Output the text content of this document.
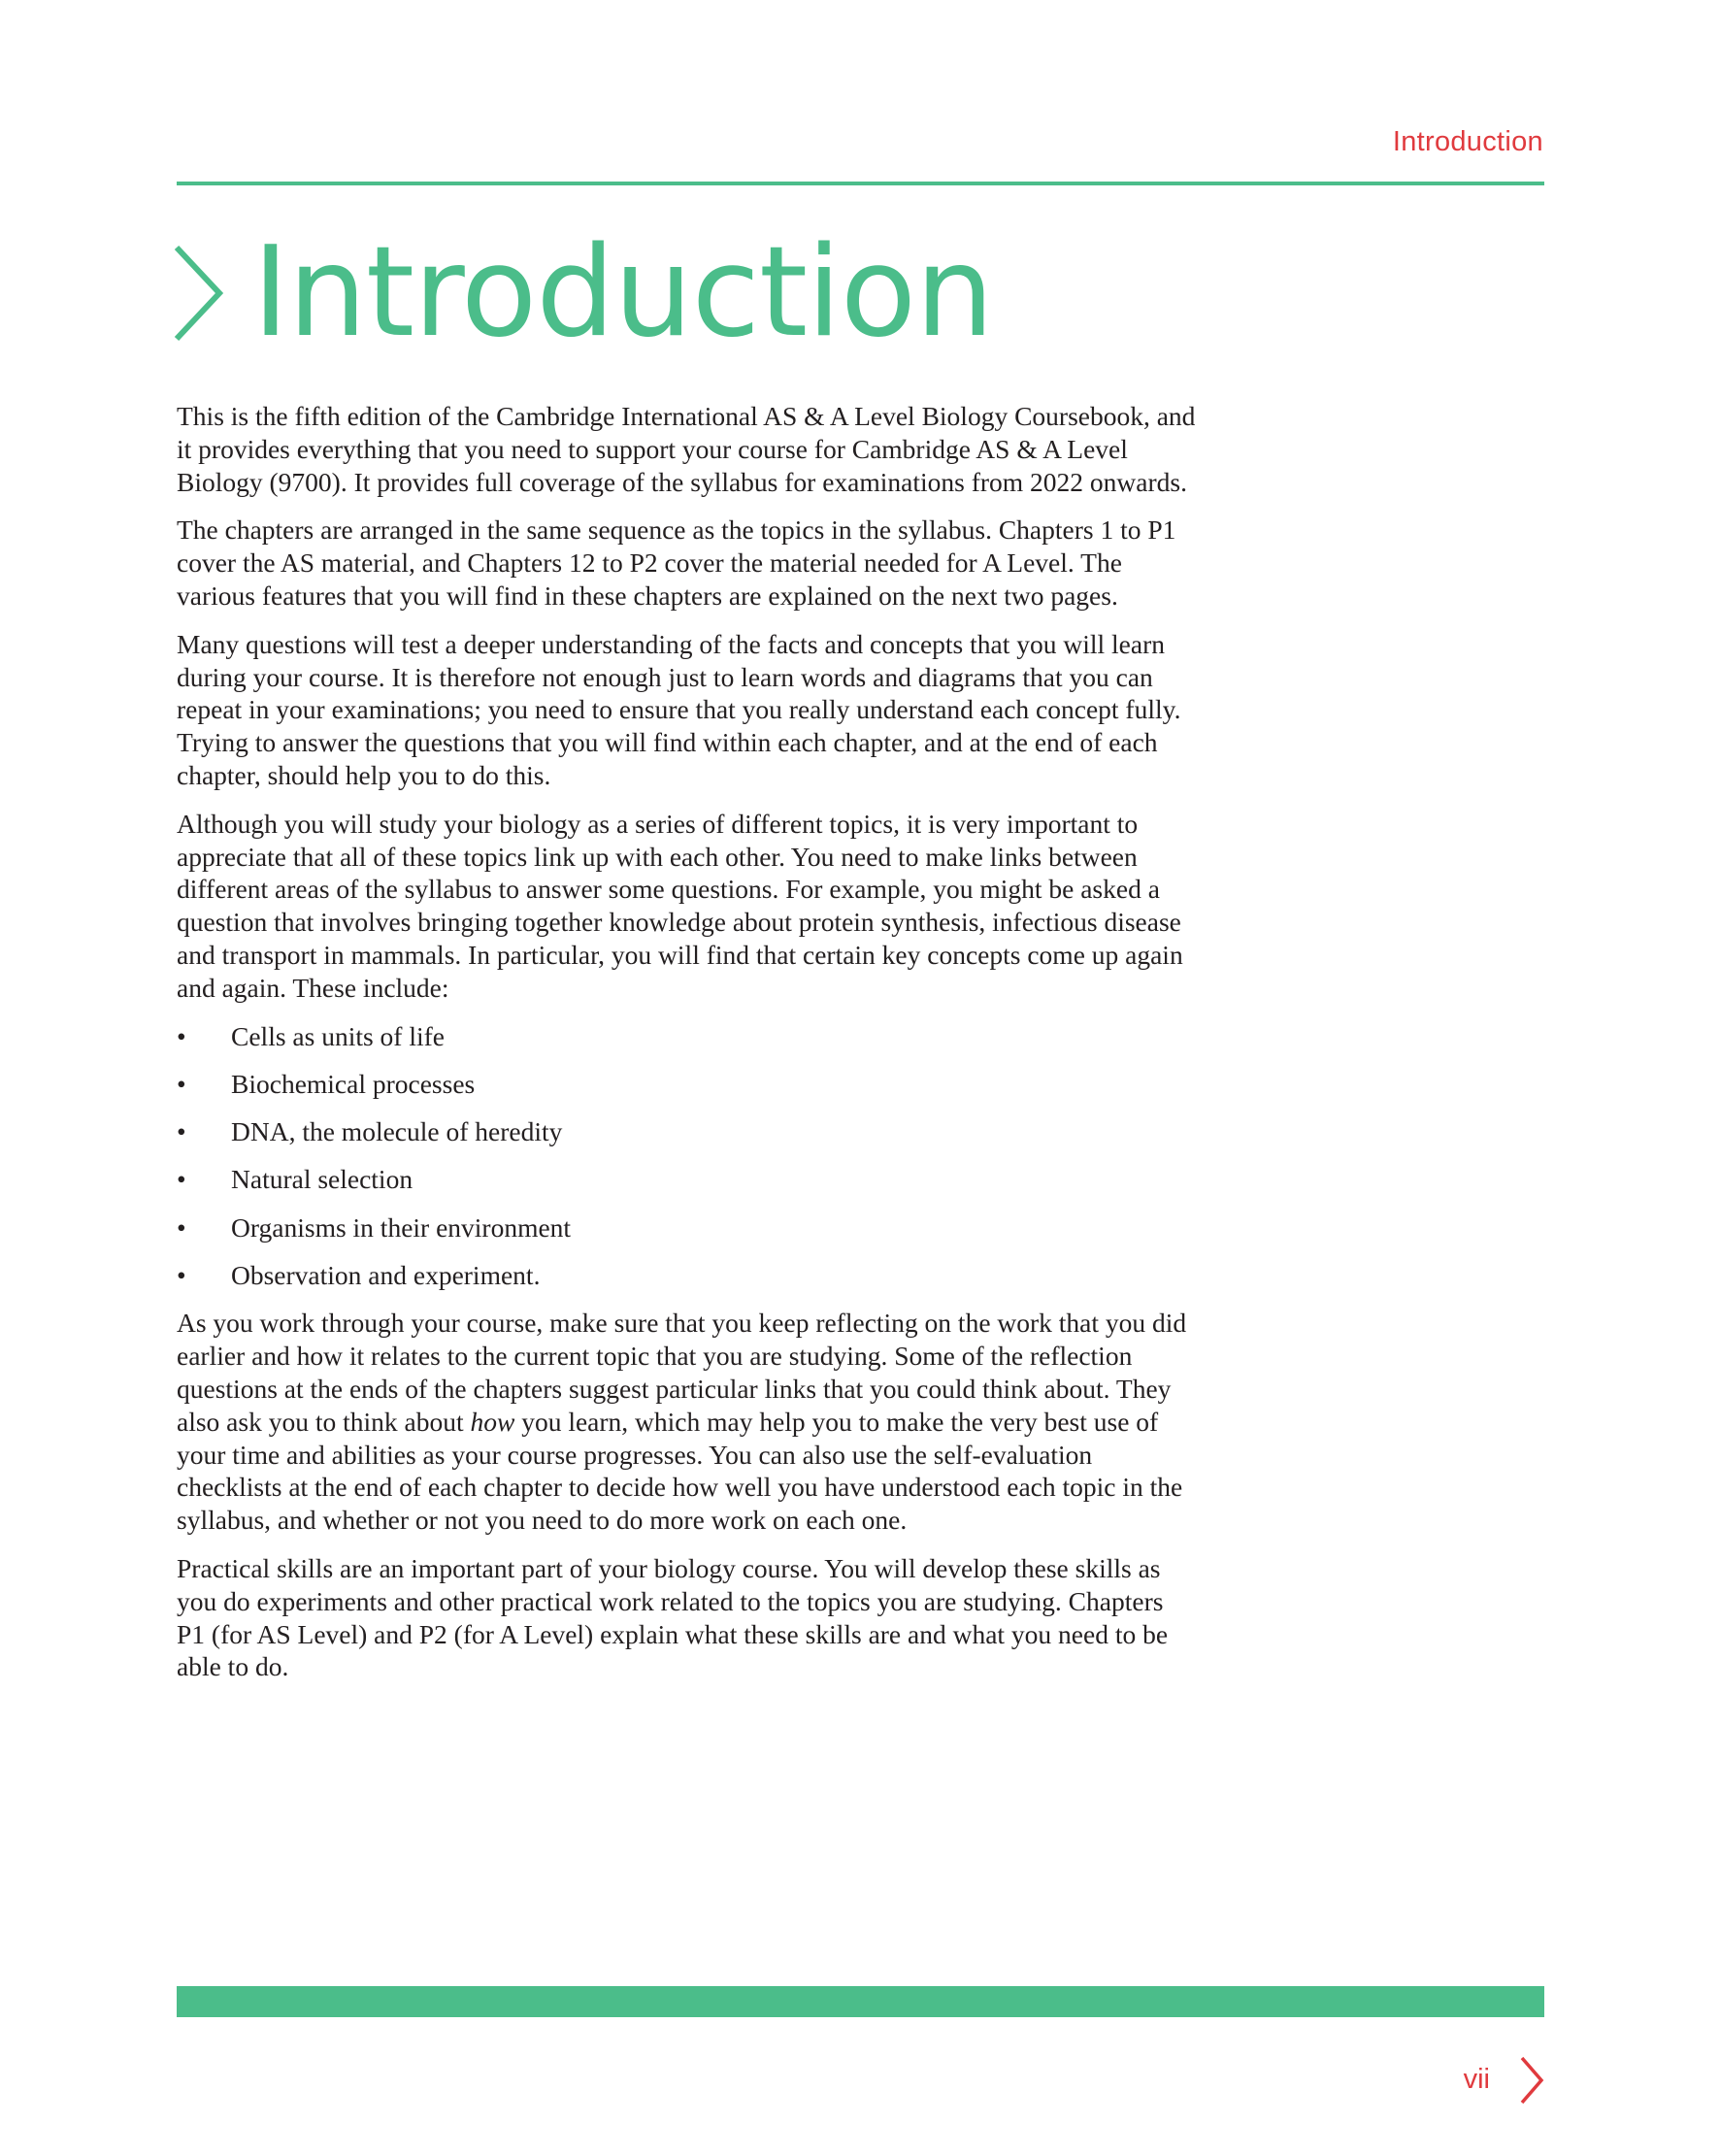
Introduction
Introduction

This is the fifth edition of the Cambridge International AS & A Level Biology Coursebook, and it provides everything that you need to support your course for Cambridge AS & A Level Biology (9700). It provides full coverage of the syllabus for examinations from 2022 onwards.

The chapters are arranged in the same sequence as the topics in the syllabus. Chapters 1 to P1 cover the AS material, and Chapters 12 to P2 cover the material needed for A Level. The various features that you will find in these chapters are explained on the next two pages.

Many questions will test a deeper understanding of the facts and concepts that you will learn during your course. It is therefore not enough just to learn words and diagrams that you can repeat in your examinations; you need to ensure that you really understand each concept fully. Trying to answer the questions that you will find within each chapter, and at the end of each chapter, should help you to do this.

Although you will study your biology as a series of different topics, it is very important to appreciate that all of these topics link up with each other. You need to make links between different areas of the syllabus to answer some questions. For example, you might be asked a question that involves bringing together knowledge about protein synthesis, infectious disease and transport in mammals. In particular, you will find that certain key concepts come up again and again. These include:

• Cells as units of life
• Biochemical processes
• DNA, the molecule of heredity
• Natural selection
• Organisms in their environment
• Observation and experiment.

As you work through your course, make sure that you keep reflecting on the work that you did earlier and how it relates to the current topic that you are studying. Some of the reflection questions at the ends of the chapters suggest particular links that you could think about. They also ask you to think about how you learn, which may help you to make the very best use of your time and abilities as your course progresses. You can also use the self-evaluation checklists at the end of each chapter to decide how well you have understood each topic in the syllabus, and whether or not you need to do more work on each one.

Practical skills are an important part of your biology course. You will develop these skills as you do experiments and other practical work related to the topics you are studying. Chapters P1 (for AS Level) and P2 (for A Level) explain what these skills are and what you need to be able to do.

vii
